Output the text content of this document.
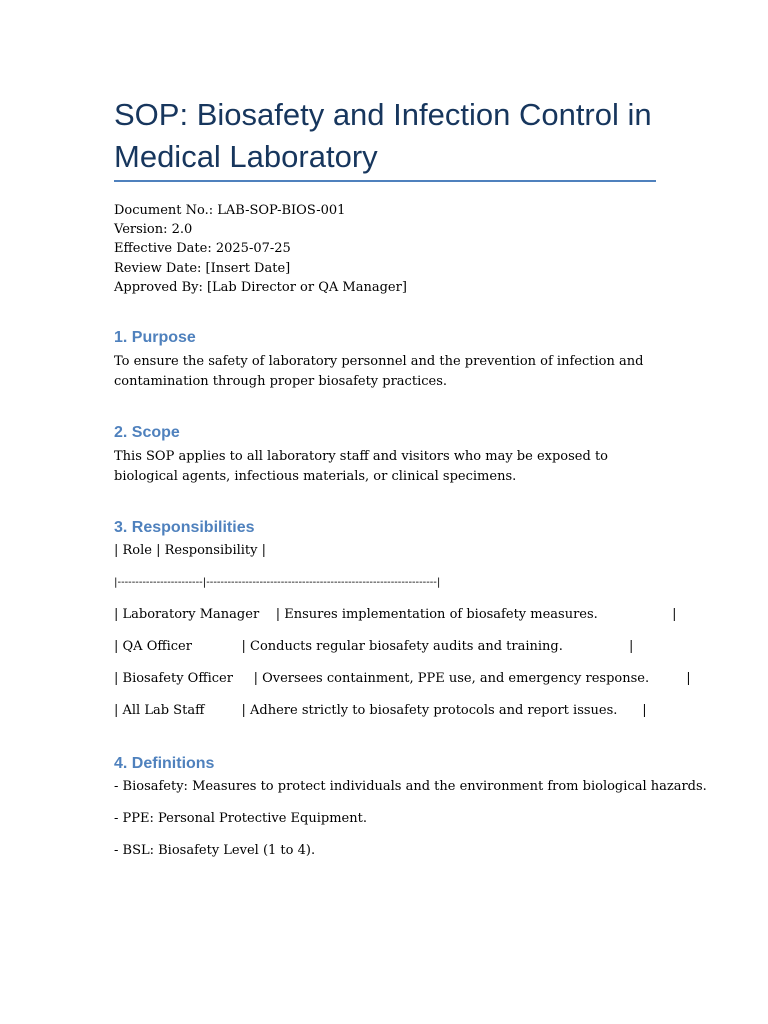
SOP: Biosafety and Infection Control in Medical Laboratory
Document No.: LAB-SOP-BIOS-001
Version: 2.0
Effective Date: 2025-07-25
Review Date: [Insert Date]
Approved By: [Lab Director or QA Manager]
1. Purpose

To ensure the safety of laboratory personnel and the prevention of infection and contamination through proper biosafety practices.

2. Scope

This SOP applies to all laboratory staff and visitors who may be exposed to biological agents, infectious materials, or clinical specimens.

3. Responsibilities
| Role | Responsibility |
|------------------------|-----------------------------------------------------------------|
| Laboratory Manager    | Ensures implementation of biosafety measures.                  |
| QA Officer            | Conducts regular biosafety audits and training.                |
| Biosafety Officer     | Oversees containment, PPE use, and emergency response.         |
| All Lab Staff         | Adhere strictly to biosafety protocols and report issues.      |
4. Definitions
- Biosafety: Measures to protect individuals and the environment from biological hazards.
- PPE: Personal Protective Equipment.
- BSL: Biosafety Level (1 to 4).
